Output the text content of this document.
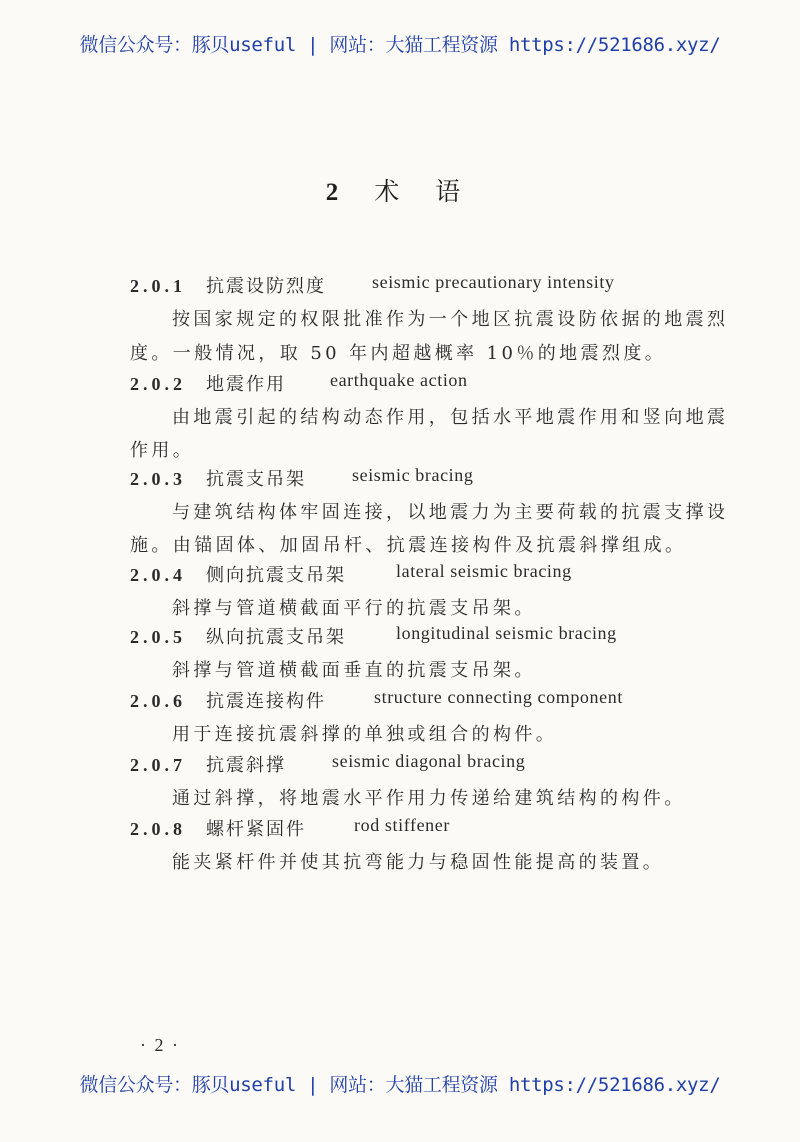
微信公众号：豚贝useful | 网站：大猫工程资源 https://521686.xyz/
2 术 语
2.0.1 抗震设防烈度	seismic precautionary intensity
按国家规定的权限批准作为一个地区抗震设防依据的地震烈
度。一般情况，取 50 年内超越概率 10％的地震烈度。
2.0.2 地震作用 earthquake action
由地震引起的结构动态作用，包括水平地震作用和竖向地震
作用。
2.0.3 抗震支吊架	seismic bracing
与建筑结构体牢固连接，以地震力为主要荷载的抗震支撑设
施。由锚固体、加固吊杆、抗震连接构件及抗震斜撑组成。
2.0.4 侧向抗震支吊架	lateral seismic bracing
斜撑与管道横截面平行的抗震支吊架。
2.0.5 纵向抗震支吊架	longitudinal seismic bracing
斜撑与管道横截面垂直的抗震支吊架。
2.0.6 抗震连接构件	structure connecting component
用于连接抗震斜撑的单独或组合的构件。
2.0.7 抗震斜撑	seismic diagonal bracing
通过斜撑，将地震水平作用力传递给建筑结构的构件。
2.0.8 螺杆紧固件	rod stiffener
能夹紧杆件并使其抗弯能力与稳固性能提高的装置。
· 2 ·
微信公众号：豚贝useful | 网站：大猫工程资源 https://521686.xyz/
